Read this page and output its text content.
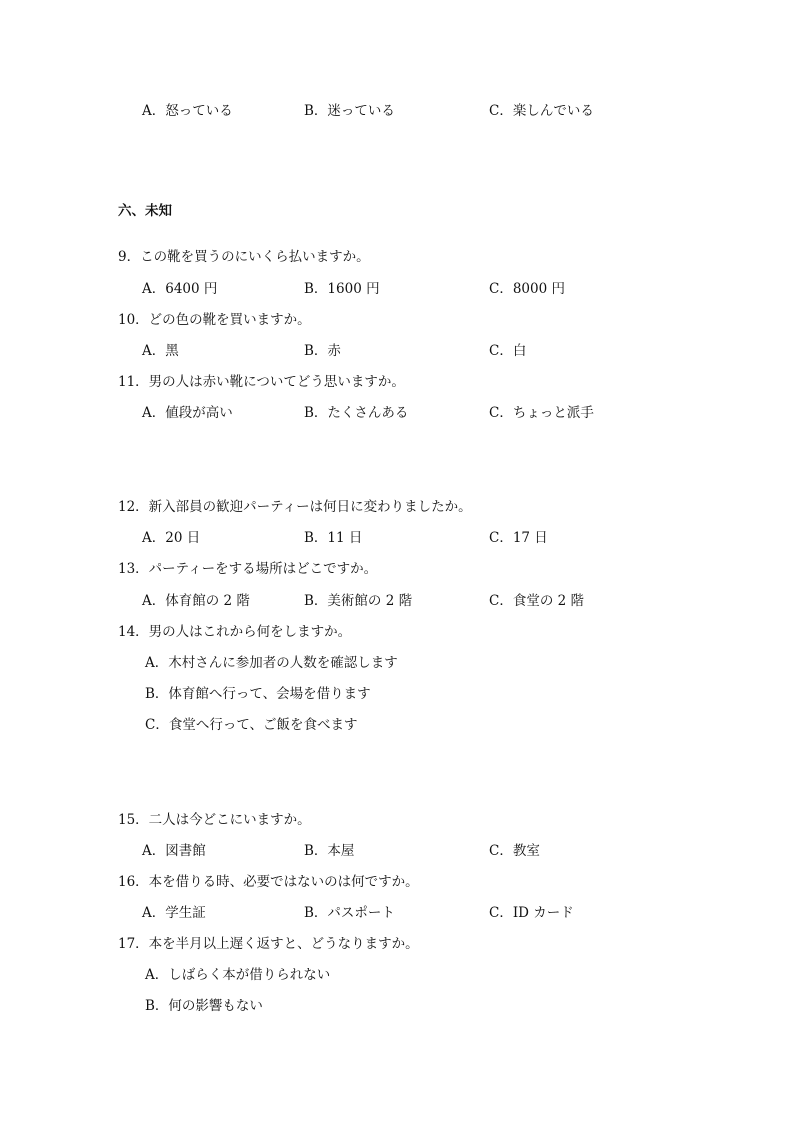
A．怒っている	B．迷っている	C．楽しんでいる
六、未知
9．この靴を買うのにいくら払いますか。
A．6400 円	B．1600 円	C．8000 円
10．どの色の靴を買いますか。
A．黑	B．赤	C．白
11．男の人は赤い靴についてどう思いますか。
A．値段が高い	B．たくさんある	C．ちょっと派手
12．新入部員の歓迎パーティーは何日に変わりましたか。
A．20 日	B．11 日	C．17 日
13．パーティーをする場所はどこですか。
A．体育館の 2 階	B．美術館の 2 階	C．食堂の 2 階
14．男の人はこれから何をしますか。
A．木村さんに参加者の人数を確認します
B．体育館へ行って、会場を借ります
C．食堂へ行って、ご飯を食べます
15．二人は今どこにいますか。
A．図書館	B．本屋	C．教室
16．本を借りる時、必要ではないのは何ですか。
A．学生証	B．パスポート	C．ID カード
17．本を半月以上遅く返すと、どうなりますか。
A．しばらく本が借りられない
B．何の影響もない
